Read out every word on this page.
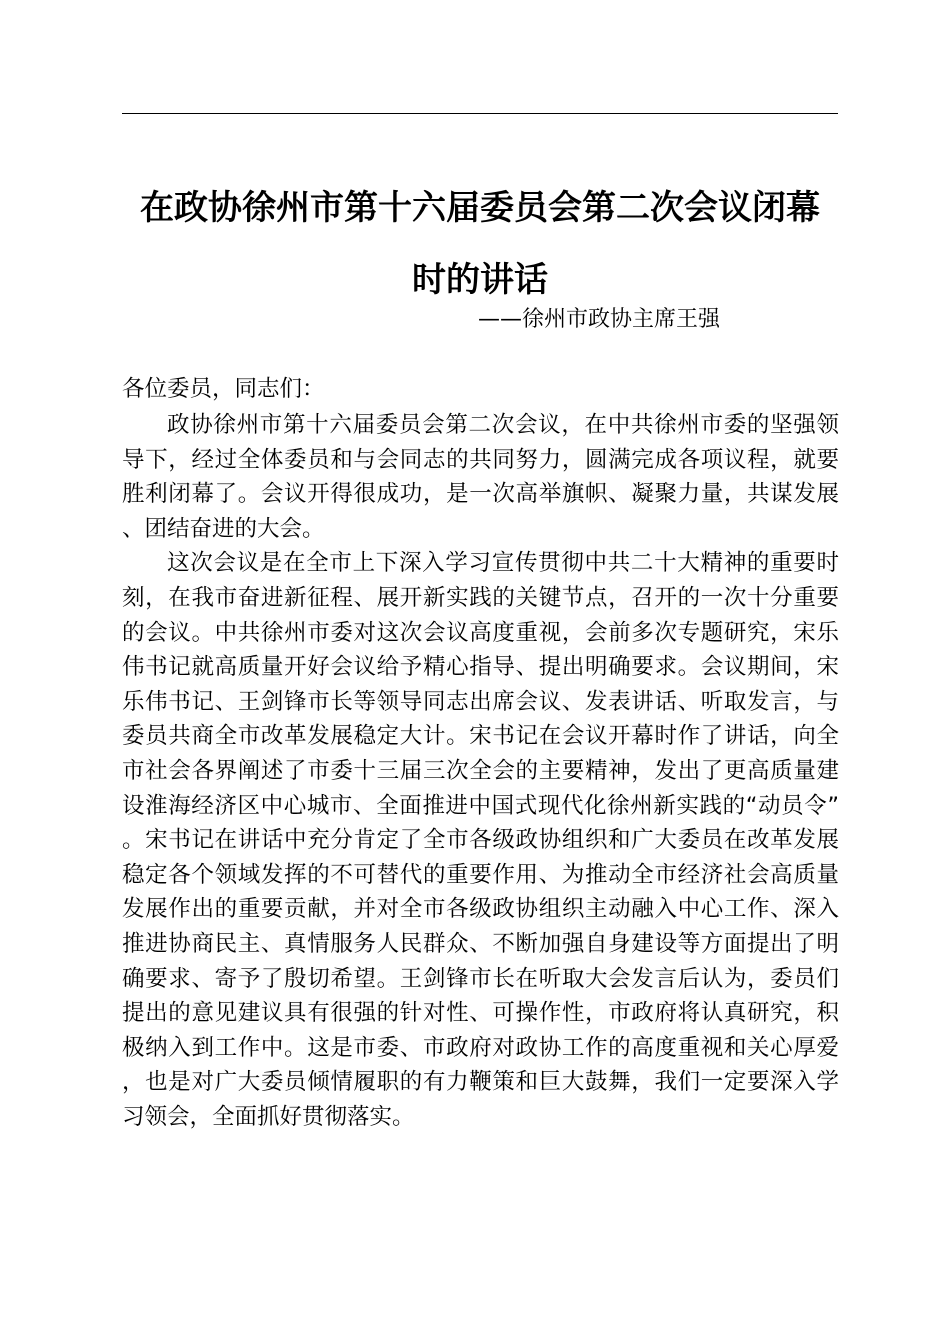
在政协徐州市第十六届委员会第二次会议闭幕
时的讲话
——徐州市政协主席王强
各位委员，同志们：

政协徐州市第十六届委员会第二次会议，在中共徐州市委的坚强领导下，经过全体委员和与会同志的共同努力，圆满完成各项议程，就要胜利闭幕了。会议开得很成功，是一次高举旗帜、凝聚力量，共谋发展、团结奋进的大会。

这次会议是在全市上下深入学习宣传贯彻中共二十大精神的重要时刻，在我市奋进新征程、展开新实践的关键节点，召开的一次十分重要的会议。中共徐州市委对这次会议高度重视，会前多次专题研究，宋乐伟书记就高质量开好会议给予精心指导、提出明确要求。会议期间，宋乐伟书记、王剑锋市长等领导同志出席会议、发表讲话、听取发言，与委员共商全市改革发展稳定大计。宋书记在会议开幕时作了讲话，向全市社会各界阐述了市委十三届三次全会的主要精神，发出了更高质量建设淮海经济区中心城市、全面推进中国式现代化徐州新实践的“动员令”。宋书记在讲话中充分肯定了全市各级政协组织和广大委员在改革发展稳定各个领域发挥的不可替代的重要作用、为推动全市经济社会高质量发展作出的重要贡献，并对全市各级政协组织主动融入中心工作、深入推进协商民主、真情服务人民群众、不断加强自身建设等方面提出了明确要求、寄予了殷切希望。王剑锋市长在听取大会发言后认为，委员们提出的意见建议具有很强的针对性、可操作性，市政府将认真研究，积极纳入到工作中。这是市委、市政府对政协工作的高度重视和关心厚爱，也是对广大委员倾情履职的有力鞭策和巨大鼓舞，我们一定要深入学习领会，全面抓好贯彻落实。
